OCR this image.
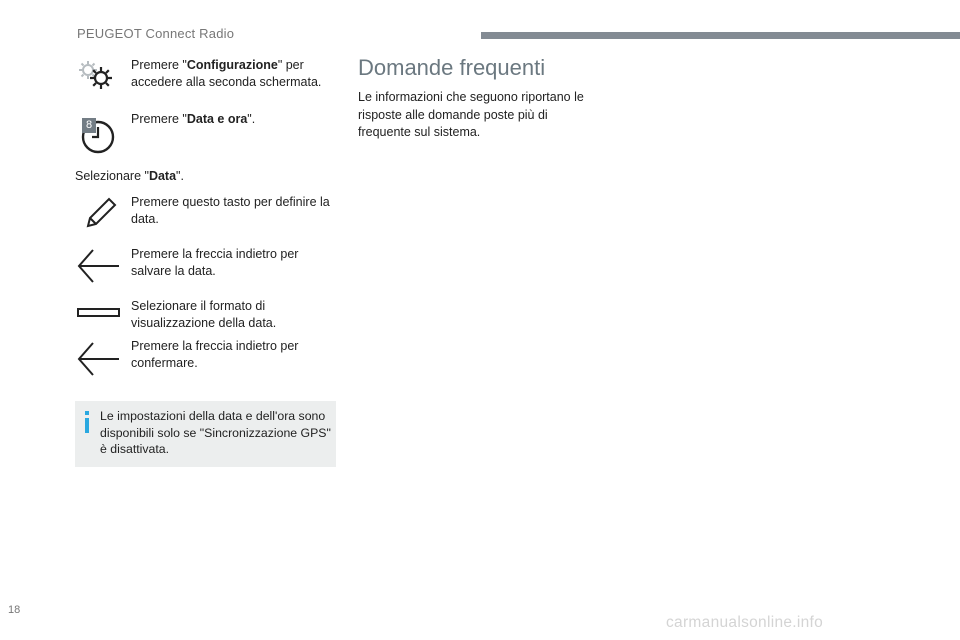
PEUGEOT Connect Radio
Premere "Configurazione" per accedere alla seconda schermata.
8	Premere "Data e ora".
Selezionare "Data".
Premere questo tasto per definire la data.
Premere la freccia indietro per salvare la data.
Selezionare il formato di visualizzazione della data.
Premere la freccia indietro per confermare.
Le impostazioni della data e dell'ora sono disponibili solo se "Sincronizzazione GPS" è disattivata.
Domande frequenti
Le informazioni che seguono riportano le risposte alle domande poste più di frequente sul sistema.
18
carmanualsonline.info
